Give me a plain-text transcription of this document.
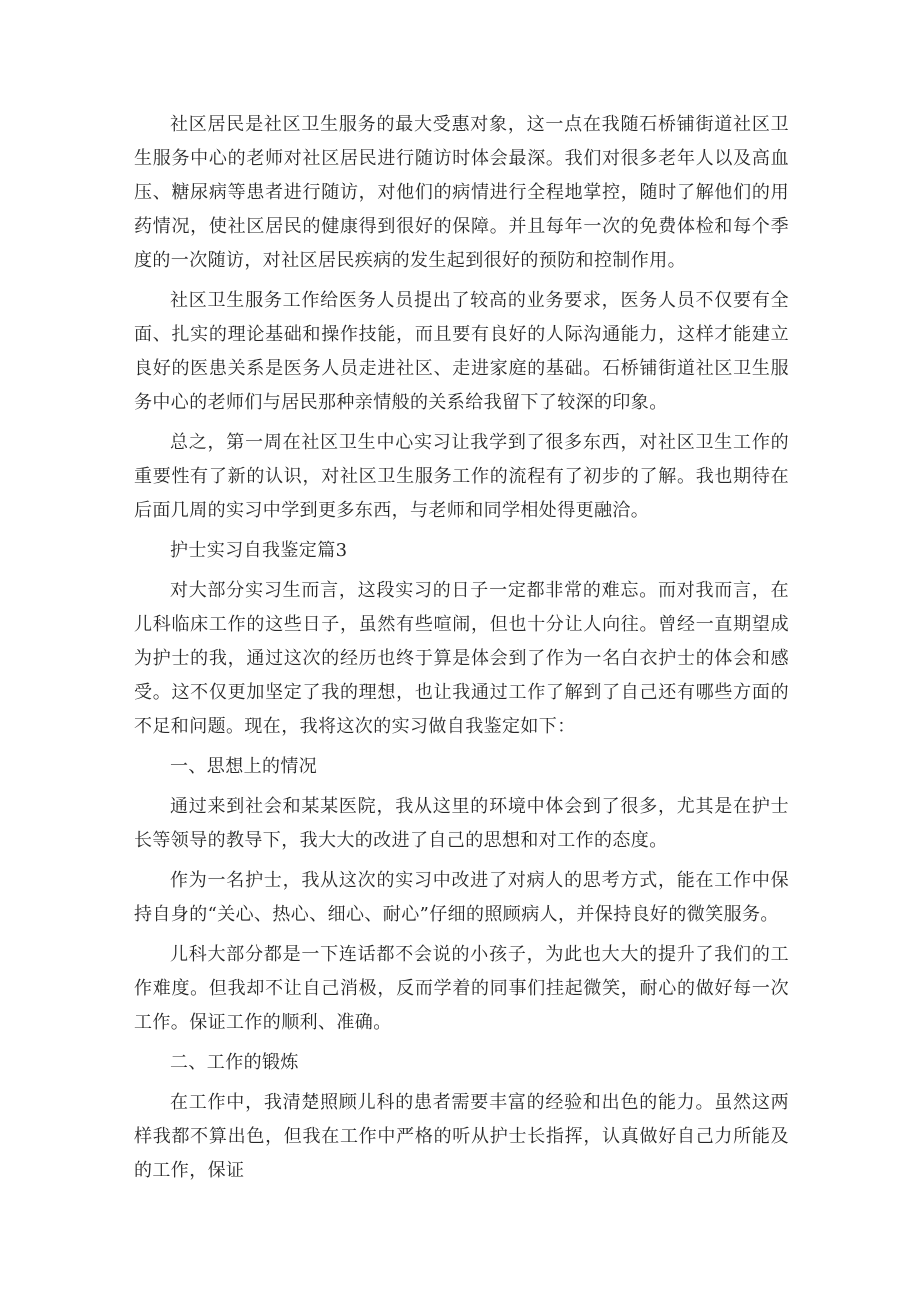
社区居民是社区卫生服务的最大受惠对象，这一点在我随石桥铺街道社区卫生服务中心的老师对社区居民进行随访时体会最深。我们对很多老年人以及高血压、糖尿病等患者进行随访，对他们的病情进行全程地掌控，随时了解他们的用药情况，使社区居民的健康得到很好的保障。并且每年一次的免费体检和每个季度的一次随访，对社区居民疾病的发生起到很好的预防和控制作用。

社区卫生服务工作给医务人员提出了较高的业务要求，医务人员不仅要有全面、扎实的理论基础和操作技能，而且要有良好的人际沟通能力，这样才能建立良好的医患关系是医务人员走进社区、走进家庭的基础。石桥铺街道社区卫生服务中心的老师们与居民那种亲情般的关系给我留下了较深的印象。

总之，第一周在社区卫生中心实习让我学到了很多东西，对社区卫生工作的重要性有了新的认识，对社区卫生服务工作的流程有了初步的了解。我也期待在后面几周的实习中学到更多东西，与老师和同学相处得更融洽。

护士实习自我鉴定篇3

对大部分实习生而言，这段实习的日子一定都非常的难忘。而对我而言，在儿科临床工作的这些日子，虽然有些喧闹，但也十分让人向往。曾经一直期望成为护士的我，通过这次的经历也终于算是体会到了作为一名白衣护士的体会和感受。这不仅更加坚定了我的理想，也让我通过工作了解到了自己还有哪些方面的不足和问题。现在，我将这次的实习做自我鉴定如下：

一、思想上的情况

通过来到社会和某某医院，我从这里的环境中体会到了很多，尤其是在护士长等领导的教导下，我大大的改进了自己的思想和对工作的态度。

作为一名护士，我从这次的实习中改进了对病人的思考方式，能在工作中保持自身的“关心、热心、细心、耐心”仔细的照顾病人，并保持良好的微笑服务。

儿科大部分都是一下连话都不会说的小孩子，为此也大大的提升了我们的工作难度。但我却不让自己消极，反而学着的同事们挂起微笑，耐心的做好每一次工作。保证工作的顺利、准确。

二、工作的锻炼

在工作中，我清楚照顾儿科的患者需要丰富的经验和出色的能力。虽然这两样我都不算出色，但我在工作中严格的听从护士长指挥，认真做好自己力所能及的工作，保证
